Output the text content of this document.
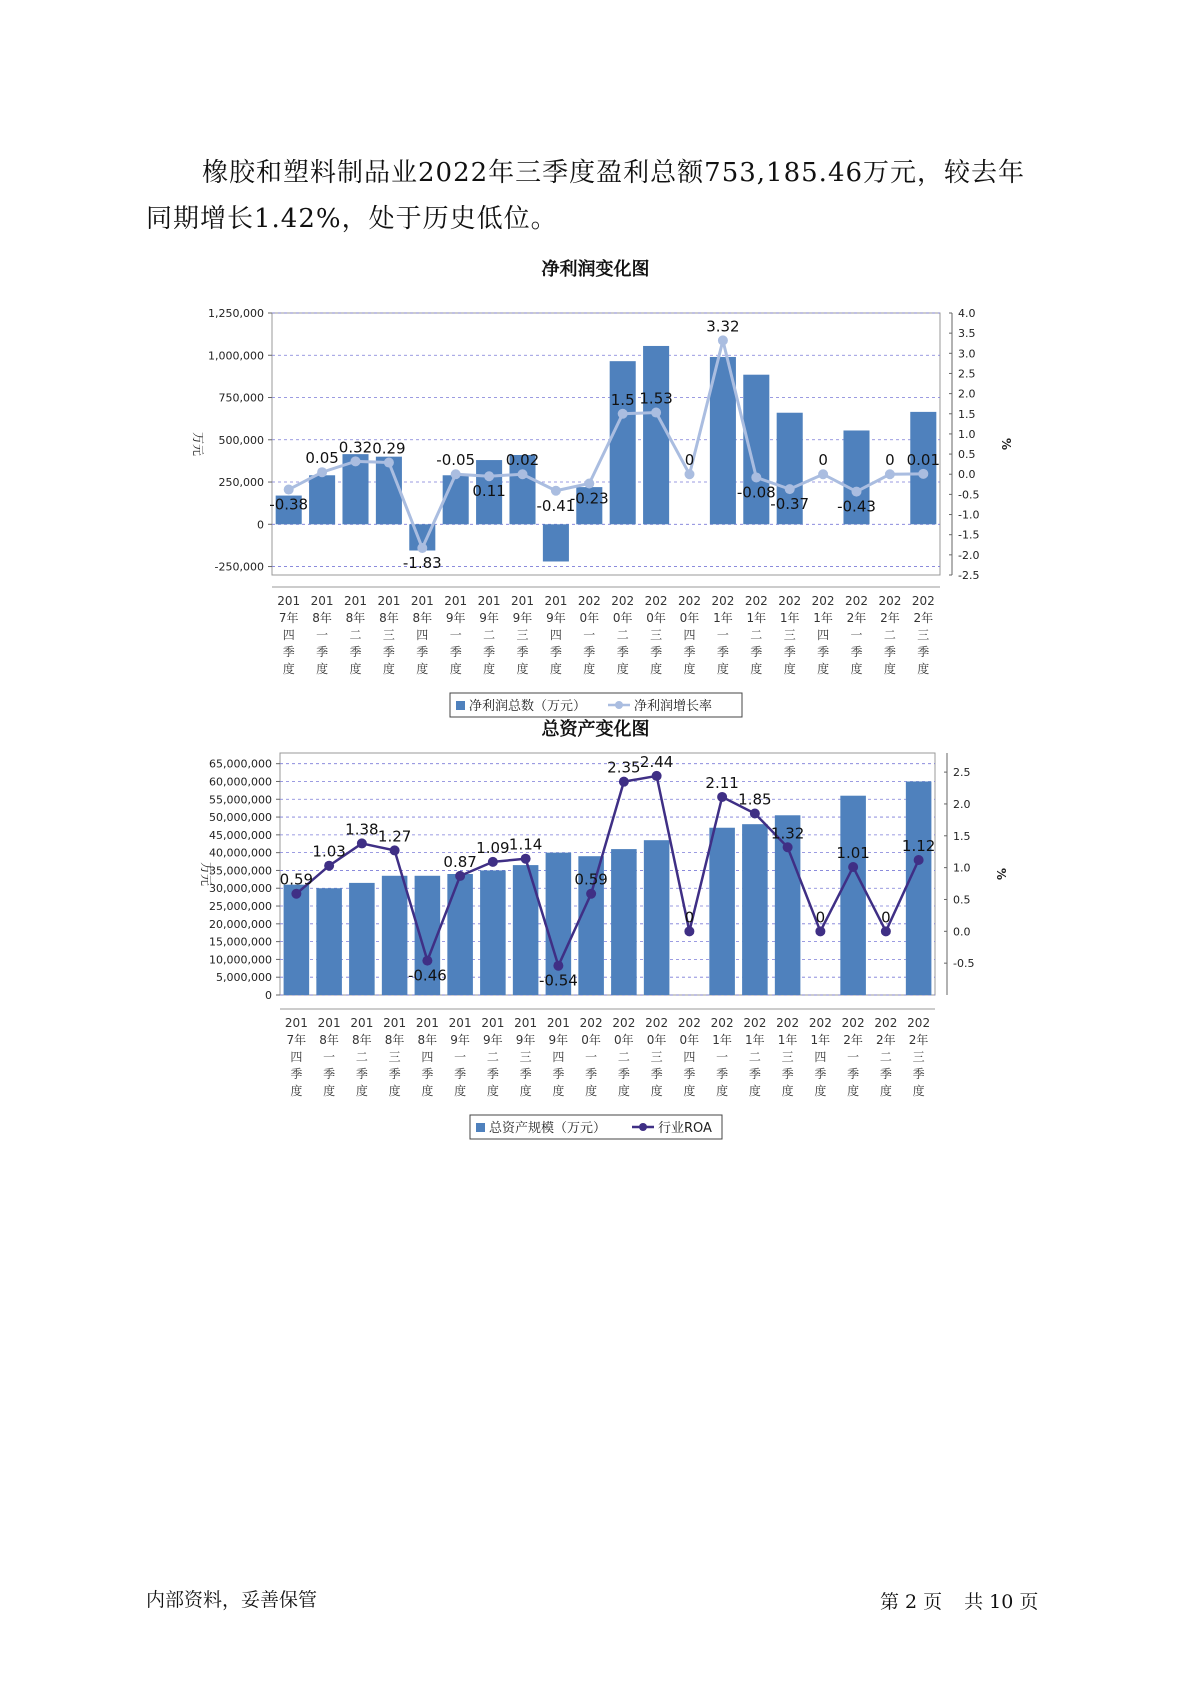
橡胶和塑料制品业2022年三季度盈利总额753,185.46万元，较去年同期增长1.42%，处于历史低位。

净利润变化图
1,250,000
1,000,000
750,000
500,000
250,000
0
-250,000
4.0
3.5
3.0
2.5
2.0
1.5
1.0
0.5
0.0
-0.5
-1.0
-1.5
-2.0
-2.5
万元	%
-0.38
0.05
0.32 0.29
-1.83
-0.05
0.11
0.02
-0.41
-0.23
1.5 1.53
0
3.32
-0.08
-0.37
0
-0.43
0 0.01
201
7年
四
季
度
201
8年
一
季
度
201
8年
二
季
度
201
8年
三
季
度
201
8年
四
季
度
201
9年
一
季
度
201
9年
二
季
度
201
9年
三
季
度
201
9年
四
季
度
202
0年
一
季
度
202
0年
二
季
度
202
0年
三
季
度
202
0年
四
季
度
202
1年
一
季
度
202
1年
二
季
度
202
1年
三
季
度
202
1年
四
季
度
202
2年
一
季
度
202
2年
二
季
度
202
2年
三
季
度
净利润总数（万元）	净利润增长率
总资产变化图
65,000,000
60,000,000
55,000,000
50,000,000
45,000,000
40,000,000
35,000,000
30,000,000
25,000,000
20,000,000
15,000,000
10,000,000
5,000,000
0
2.5
2.0
1.5
1.0
0.5
0.0
-0.5
万元	%
0.59
1.03
1.38 1.27
-0.46
0.87
1.09 1.14
-0.54
0.59
2.35 2.44
0
2.11
1.85
1.32
0
1.01
0
1.12
201
7年
四
季
度
201
8年
一
季
度
201
8年
二
季
度
201
8年
三
季
度
201
8年
四
季
度
201
9年
一
季
度
201
9年
二
季
度
201
9年
三
季
度
201
9年
四
季
度
202
0年
一
季
度
202
0年
二
季
度
202
0年
三
季
度
202
0年
四
季
度
202
1年
一
季
度
202
1年
二
季
度
202
1年
三
季
度
202
1年
四
季
度
202
2年
一
季
度
202
2年
二
季
度
202
2年
三
季
度
总资产规模（万元）	行业ROA
内部资料，妥善保管	第 2 页 共 10 页
